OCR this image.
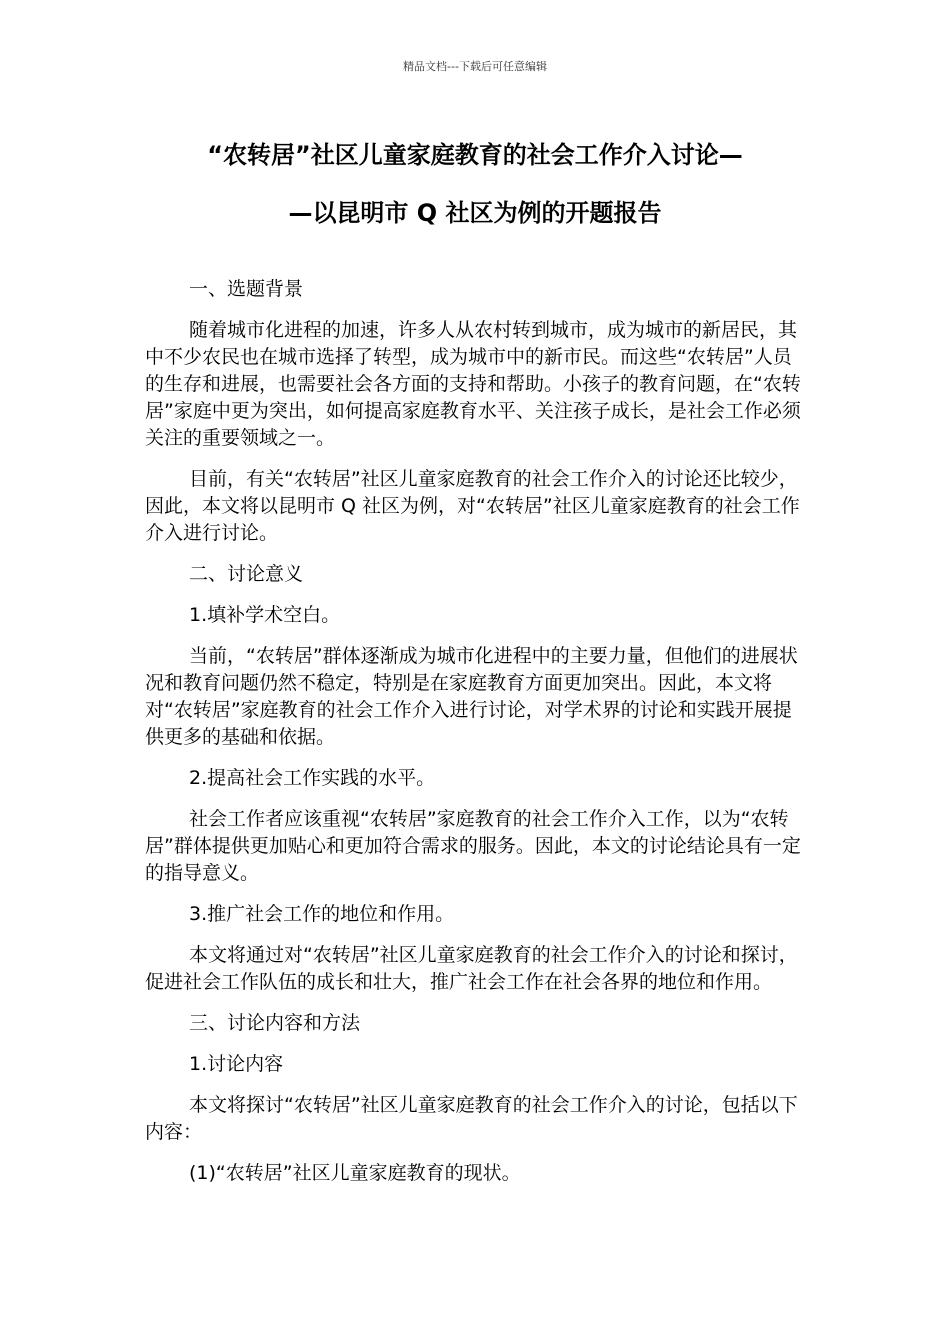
精品文档---下载后可任意编辑
“农转居”社区儿童家庭教育的社会工作介入讨论—
—以昆明市 Q 社区为例的开题报告

一、选题背景

随着城市化进程的加速，许多人从农村转到城市，成为城市的新居民，其中不少农民也在城市选择了转型，成为城市中的新市民。而这些“农转居”人员的生存和进展，也需要社会各方面的支持和帮助。小孩子的教育问题，在“农转居”家庭中更为突出，如何提高家庭教育水平、关注孩子成长，是社会工作必须关注的重要领域之一。

目前，有关“农转居”社区儿童家庭教育的社会工作介入的讨论还比较少，因此，本文将以昆明市 Q 社区为例，对“农转居”社区儿童家庭教育的社会工作介入进行讨论。

二、讨论意义

1.填补学术空白。

当前，“农转居”群体逐渐成为城市化进程中的主要力量，但他们的进展状况和教育问题仍然不稳定，特别是在家庭教育方面更加突出。因此，本文将对“农转居”家庭教育的社会工作介入进行讨论，对学术界的讨论和实践开展提供更多的基础和依据。

2.提高社会工作实践的水平。

社会工作者应该重视“农转居”家庭教育的社会工作介入工作，以为“农转居”群体提供更加贴心和更加符合需求的服务。因此，本文的讨论结论具有一定的指导意义。

3.推广社会工作的地位和作用。

本文将通过对“农转居”社区儿童家庭教育的社会工作介入的讨论和探讨，促进社会工作队伍的成长和壮大，推广社会工作在社会各界的地位和作用。

三、讨论内容和方法

1.讨论内容

本文将探讨“农转居”社区儿童家庭教育的社会工作介入的讨论，包括以下内容：

(1)“农转居”社区儿童家庭教育的现状。
